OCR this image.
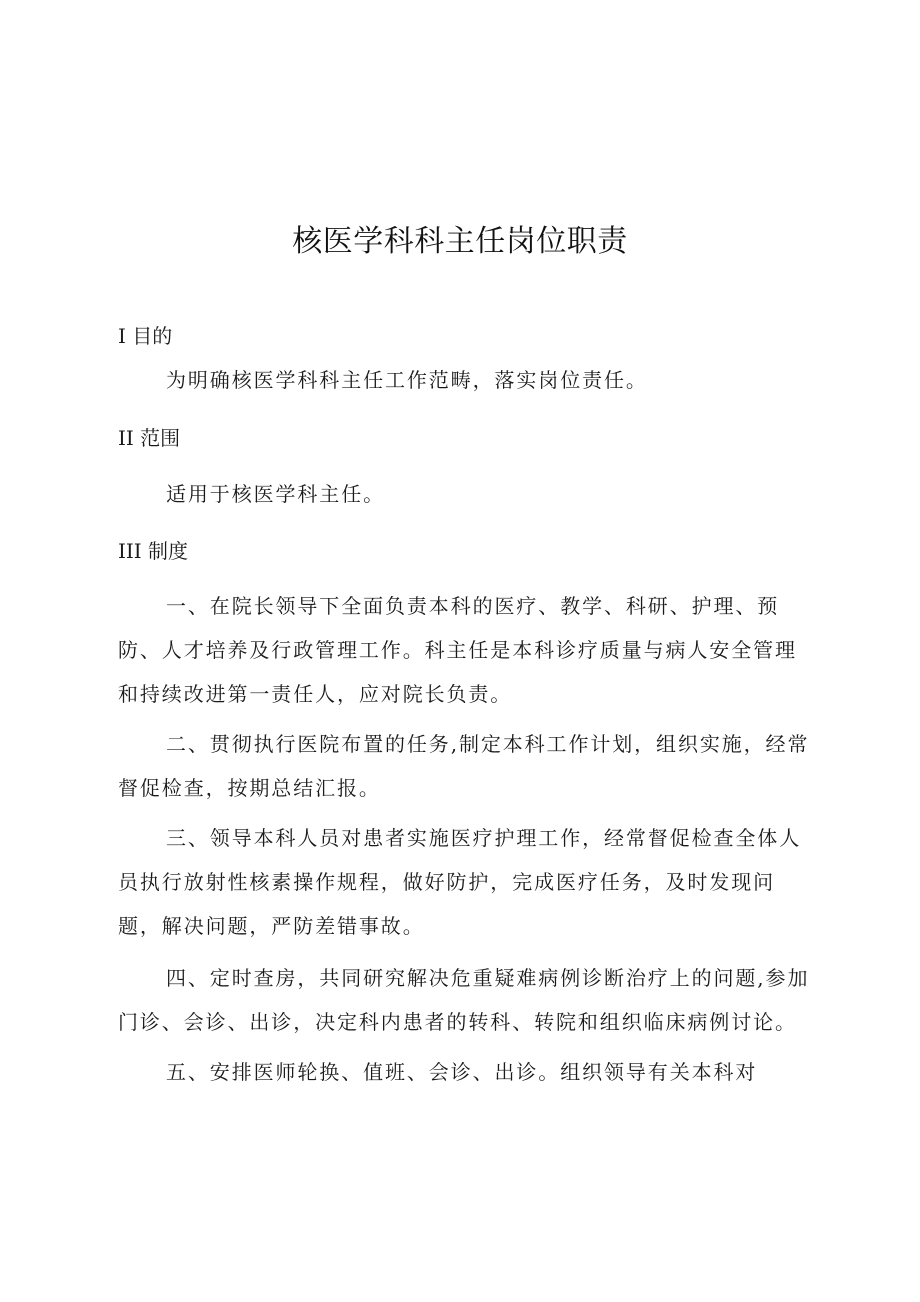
核医学科科主任岗位职责
I 目的

为明确核医学科科主任工作范畴，落实岗位责任。

II 范围

适用于核医学科主任。

III 制度

一、在院长领导下全面负责本科的医疗、教学、科研、护理、预防、人才培养及行政管理工作。科主任是本科诊疗质量与病人安全管理和持续改进第一责任人，应对院长负责。

二、贯彻执行医院布置的任务,制定本科工作计划，组织实施，经常督促检查，按期总结汇报。

三、领导本科人员对患者实施医疗护理工作，经常督促检查全体人员执行放射性核素操作规程，做好防护，完成医疗任务，及时发现问题，解决问题，严防差错事故。

四、定时查房，共同研究解决危重疑难病例诊断治疗上的问题,参加门诊、会诊、出诊，决定科内患者的转科、转院和组织临床病例讨论。

五、安排医师轮换、值班、会诊、出诊。组织领导有关本科对
